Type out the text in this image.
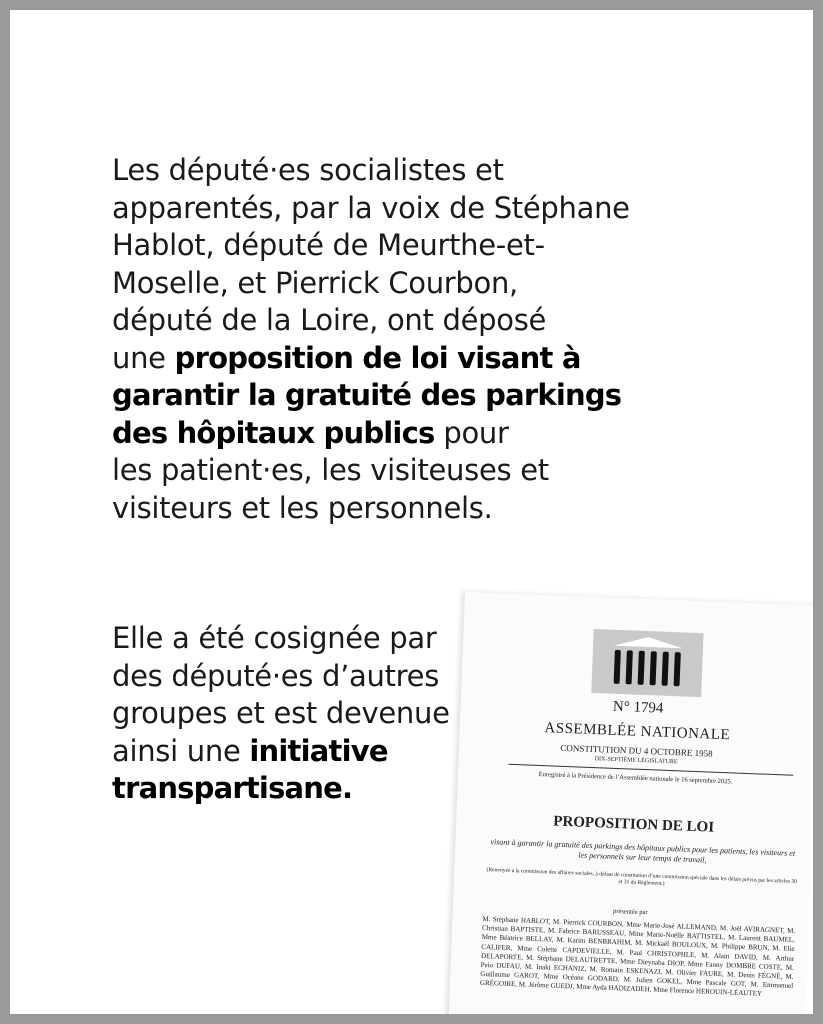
Les député·es socialistes et
apparentés, par la voix de Stéphane
Hablot, député de Meurthe-et-
Moselle, et Pierrick Courbon,
député de la Loire, ont déposé
une proposition de loi visant à
garantir la gratuité des parkings
des hôpitaux publics pour
les patient·es, les visiteuses et
visiteurs et les personnels.

Elle a été cosignée par
des député·es d’autres
groupes et est devenue
ainsi une initiative
transpartisane.

N° 1794
ASSEMBLÉE NATIONALE
CONSTITUTION DU 4 OCTOBRE 1958
DIX-SEPTIÈME LÉGISLATURE
Enregistré à la Présidence de l’Assemblée nationale le 16 septembre 2025.
PROPOSITION DE LOI
visant à garantir la gratuité des parkings des hôpitaux publics pour les patients, les visiteurs et les personnels sur leur temps de travail,
(Renvoyée à la commission des affaires sociales, à défaut de constitution d’une commission spéciale dans les délais prévus par les articles 30 et 31 du Règlement.)
présentée par
M. Stéphane HABLOT, M. Pierrick COURBON, Mme Marie-José ALLEMAND, M. Joël AVIRAGNET, M. Christian BAPTISTE, M. Fabrice BARUSSEAU, Mme Marie-Noëlle BATTISTEL, M. Laurent BAUMEL, Mme Béatrice BELLAY, M. Karim BENBRAHIM, M. Mickaël BOULOUX, M. Philippe BRUN, M. Elie CALIFER, Mme Colette CAPDEVIELLE, M. Paul CHRISTOPHLE, M. Alain DAVID, M. Arthur DELAPORTE, M. Stéphane DELAUTRETTE, Mme Dieynaba DIOP, Mme Fanny DOMBRE COSTE, M. Peio DUFAU, M. Inaki ECHANIZ, M. Romain ESKENAZI, M. Olivier FAURE, M. Denis FÉGNÉ, M. Guillaume GAROT, Mme Océane GODARD, M. Julien GOKEL, Mme Pascale GOT, M. Emmanuel GRÉGOIRE, M. Jérôme GUEDJ, Mme Ayda HADIZADEH, Mme Florence HEROUIN-LÉAUTEY
